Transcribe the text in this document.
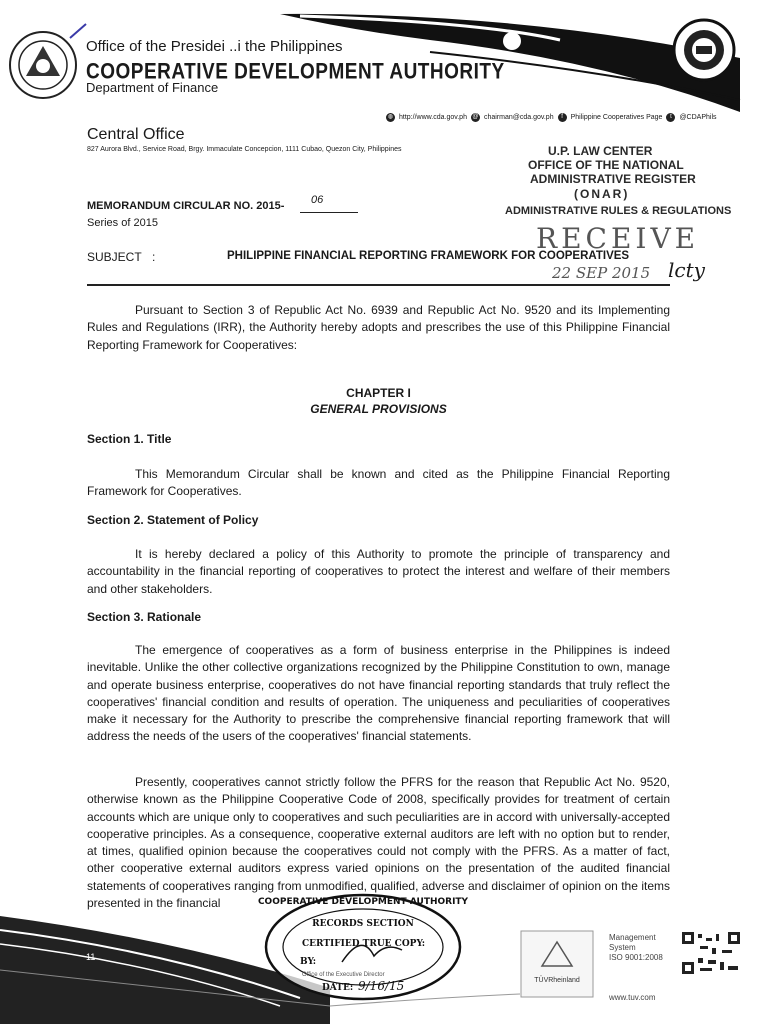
Office of the Presidei ..i the Philippines
COOPERATIVE DEVELOPMENT AUTHORITY
Department of Finance
◍ http://www.cda.gov.ph @ chairman@cda.gov.ph	f	Philippine Cooperatives Page	t	@CDAPhils
Central Office
827 Aurora Blvd., Service Road, Brgy. Immaculate Concepcion, 1111 Cubao, Quezon City, Philippines	U.P. LAW CENTER
OFFICE OF THE NATIONAL
ADMINISTRATIVE REGISTER
(ONAR)
ADMINISTRATIVE RULES & REGULATIONS
RECEIVE
22 SEP 2015 lcty
MEMORANDUM CIRCULAR NO. 2015- 06
Series of 2015
SUBJECT :	PHILIPPINE FINANCIAL REPORTING FRAMEWORK FOR COOPERATIVES
Pursuant to Section 3 of Republic Act No. 6939 and Republic Act No. 9520 and its Implementing Rules and Regulations (IRR), the Authority hereby adopts and prescribes the use of this Philippine Financial Reporting Framework for Cooperatives:
CHAPTER I
GENERAL PROVISIONS
Section 1. Title
This Memorandum Circular shall be known and cited as the Philippine Financial Reporting Framework for Cooperatives.
Section 2. Statement of Policy
It is hereby declared a policy of this Authority to promote the principle of transparency and accountability in the financial reporting of cooperatives to protect the interest and welfare of their members and other stakeholders.
Section 3. Rationale
The emergence of cooperatives as a form of business enterprise in the Philippines is indeed inevitable. Unlike the other collective organizations recognized by the Philippine Constitution to own, manage and operate business enterprise, cooperatives do not have financial reporting standards that truly reflect the cooperatives' financial condition and results of operation. The uniqueness and peculiarities of cooperatives make it necessary for the Authority to prescribe the comprehensive financial reporting framework that will address the needs of the users of the cooperatives' financial statements.
Presently, cooperatives cannot strictly follow the PFRS for the reason that Republic Act No. 9520, otherwise known as the Philippine Cooperative Code of 2008, specifically provides for treatment of certain accounts which are unique only to cooperatives and such peculiarities are in accord with universally-accepted cooperative principles. As a consequence, cooperative external auditors are left with no option but to render, at times, qualified opinion because the cooperatives could not comply with the PFRS. As a matter of fact, other cooperative external auditors express varied opinions on the presentation of the audited financial statements of cooperatives ranging from unmodified, qualified, adverse and disclaimer of opinion on the items presented in the financial
11
COOPERATIVE DEVELOPMENT AUTHORITY
RECORDS SECTION
CERTIFIED TRUE COPY:
BY:
DATE: 9/16/15
Office of the Executive Director
TÜVRheinland
Management
System
ISO 9001:2008
www.tuv.com
